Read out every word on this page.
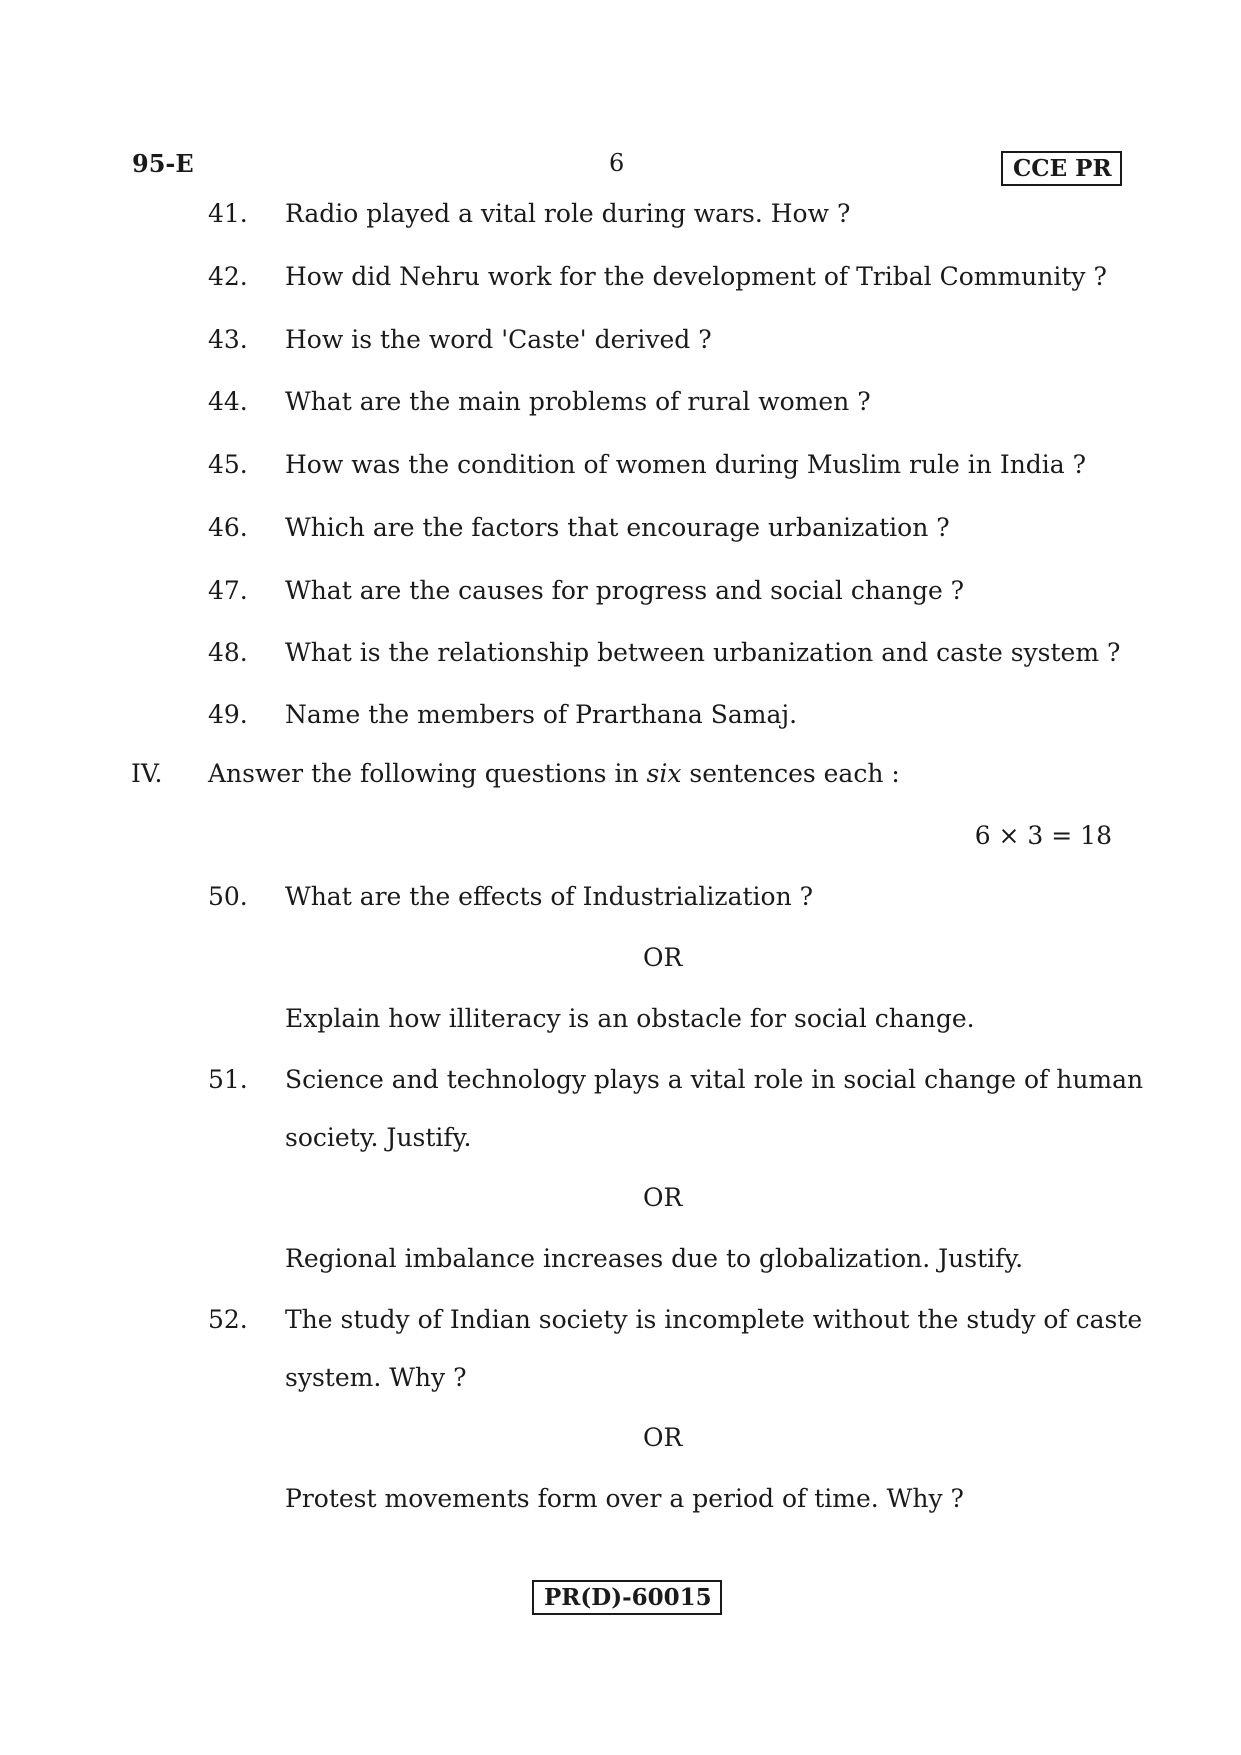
95-E	6	CCE PR
41. Radio played a vital role during wars. How ?
42. How did Nehru work for the development of Tribal Community ?
43. How is the word 'Caste' derived ?
44. What are the main problems of rural women ?
45. How was the condition of women during Muslim rule in India ?
46. Which are the factors that encourage urbanization ?
47. What are the causes for progress and social change ?
48. What is the relationship between urbanization and caste system ?
49. Name the members of Prarthana Samaj.
IV. Answer the following questions in six sentences each :
6 × 3 = 18
50. What are the effects of Industrialization ?
OR
Explain how illiteracy is an obstacle for social change.
51. Science and technology plays a vital role in social change of human
society. Justify.
OR
Regional imbalance increases due to globalization. Justify.
52. The study of Indian society is incomplete without the study of caste
system. Why ?
OR
Protest movements form over a period of time. Why ?
PR(D)-60015
